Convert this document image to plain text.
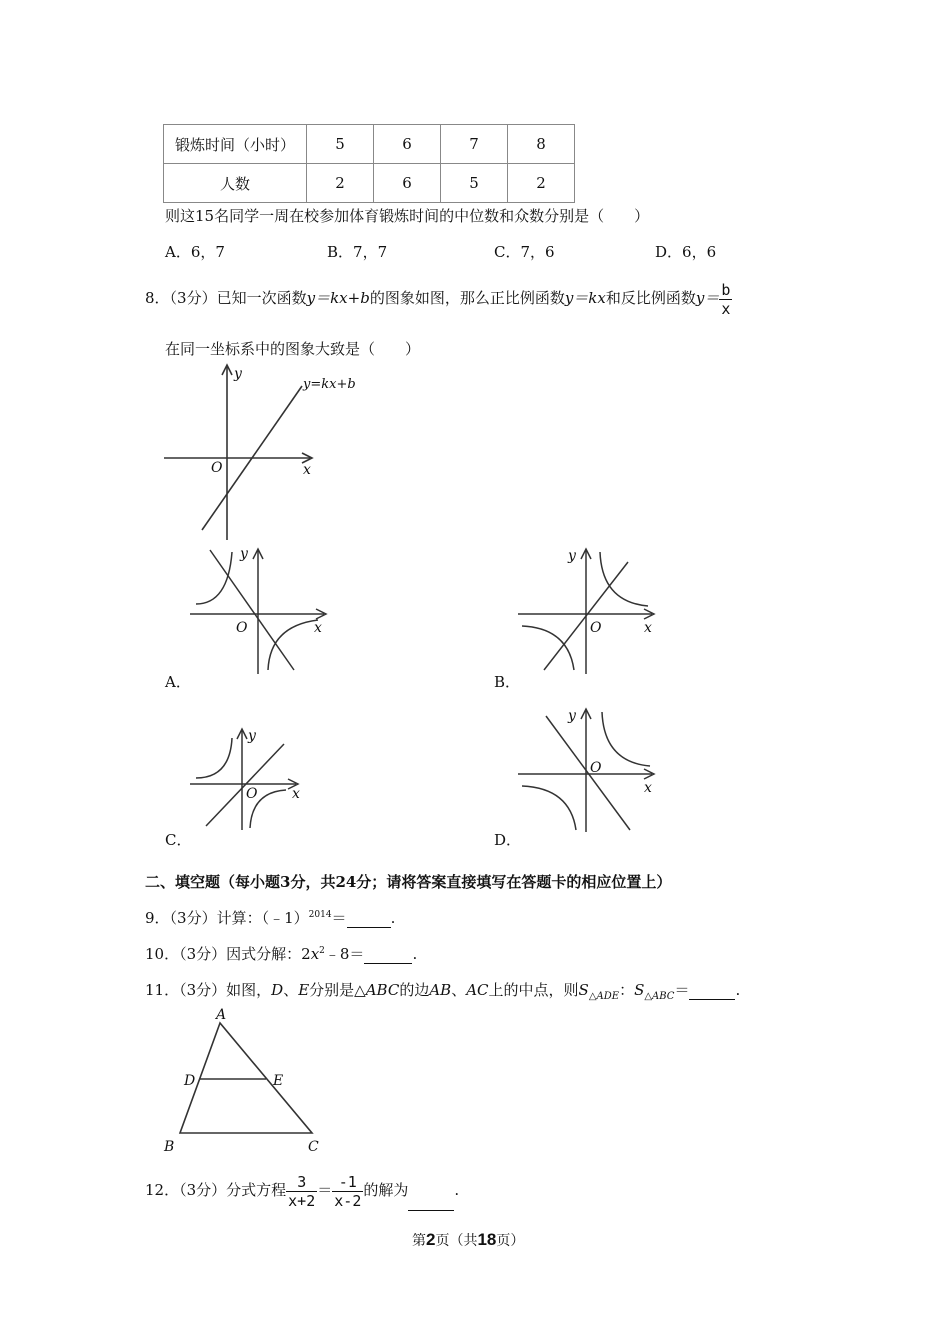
锻炼时间（小时）	5	6	7	8
人数	2	6	5	2
则这15名同学一周在校参加体育锻炼时间的中位数和众数分别是（　　）
A．6，7	B．7，7	C．7，6	D．6，6
8．（3分）已知一次函数y＝kx+b的图象如图，那么正比例函数y＝kx和反比例函数$y= \frac{b}{x}$
在同一坐标系中的图象大致是（　　）
y
x
O
y=kx+b
y
x
O
A．
y
x
O
B．
y
x
O
C．
y
x
O
D．
二、填空题（每小题3分，共24分；请将答案直接填写在答题卡的相应位置上）
9．（3分）计算：（﹣1）$^{2014}$＝	.
10．（3分）因式分解：$2x^2﹣8=$	.
11．（3分）如图，D、E分别是△ABC的边AB、AC上的中点，则$S_{\triangle ADE}$：$S_{\triangle ABC}=$	.
A
B	C
D	E
12．（3分）分式方程 $\frac{3}{x+2} = \frac{-1}{x-2}$ 的解为	.
第2页（共18页）
